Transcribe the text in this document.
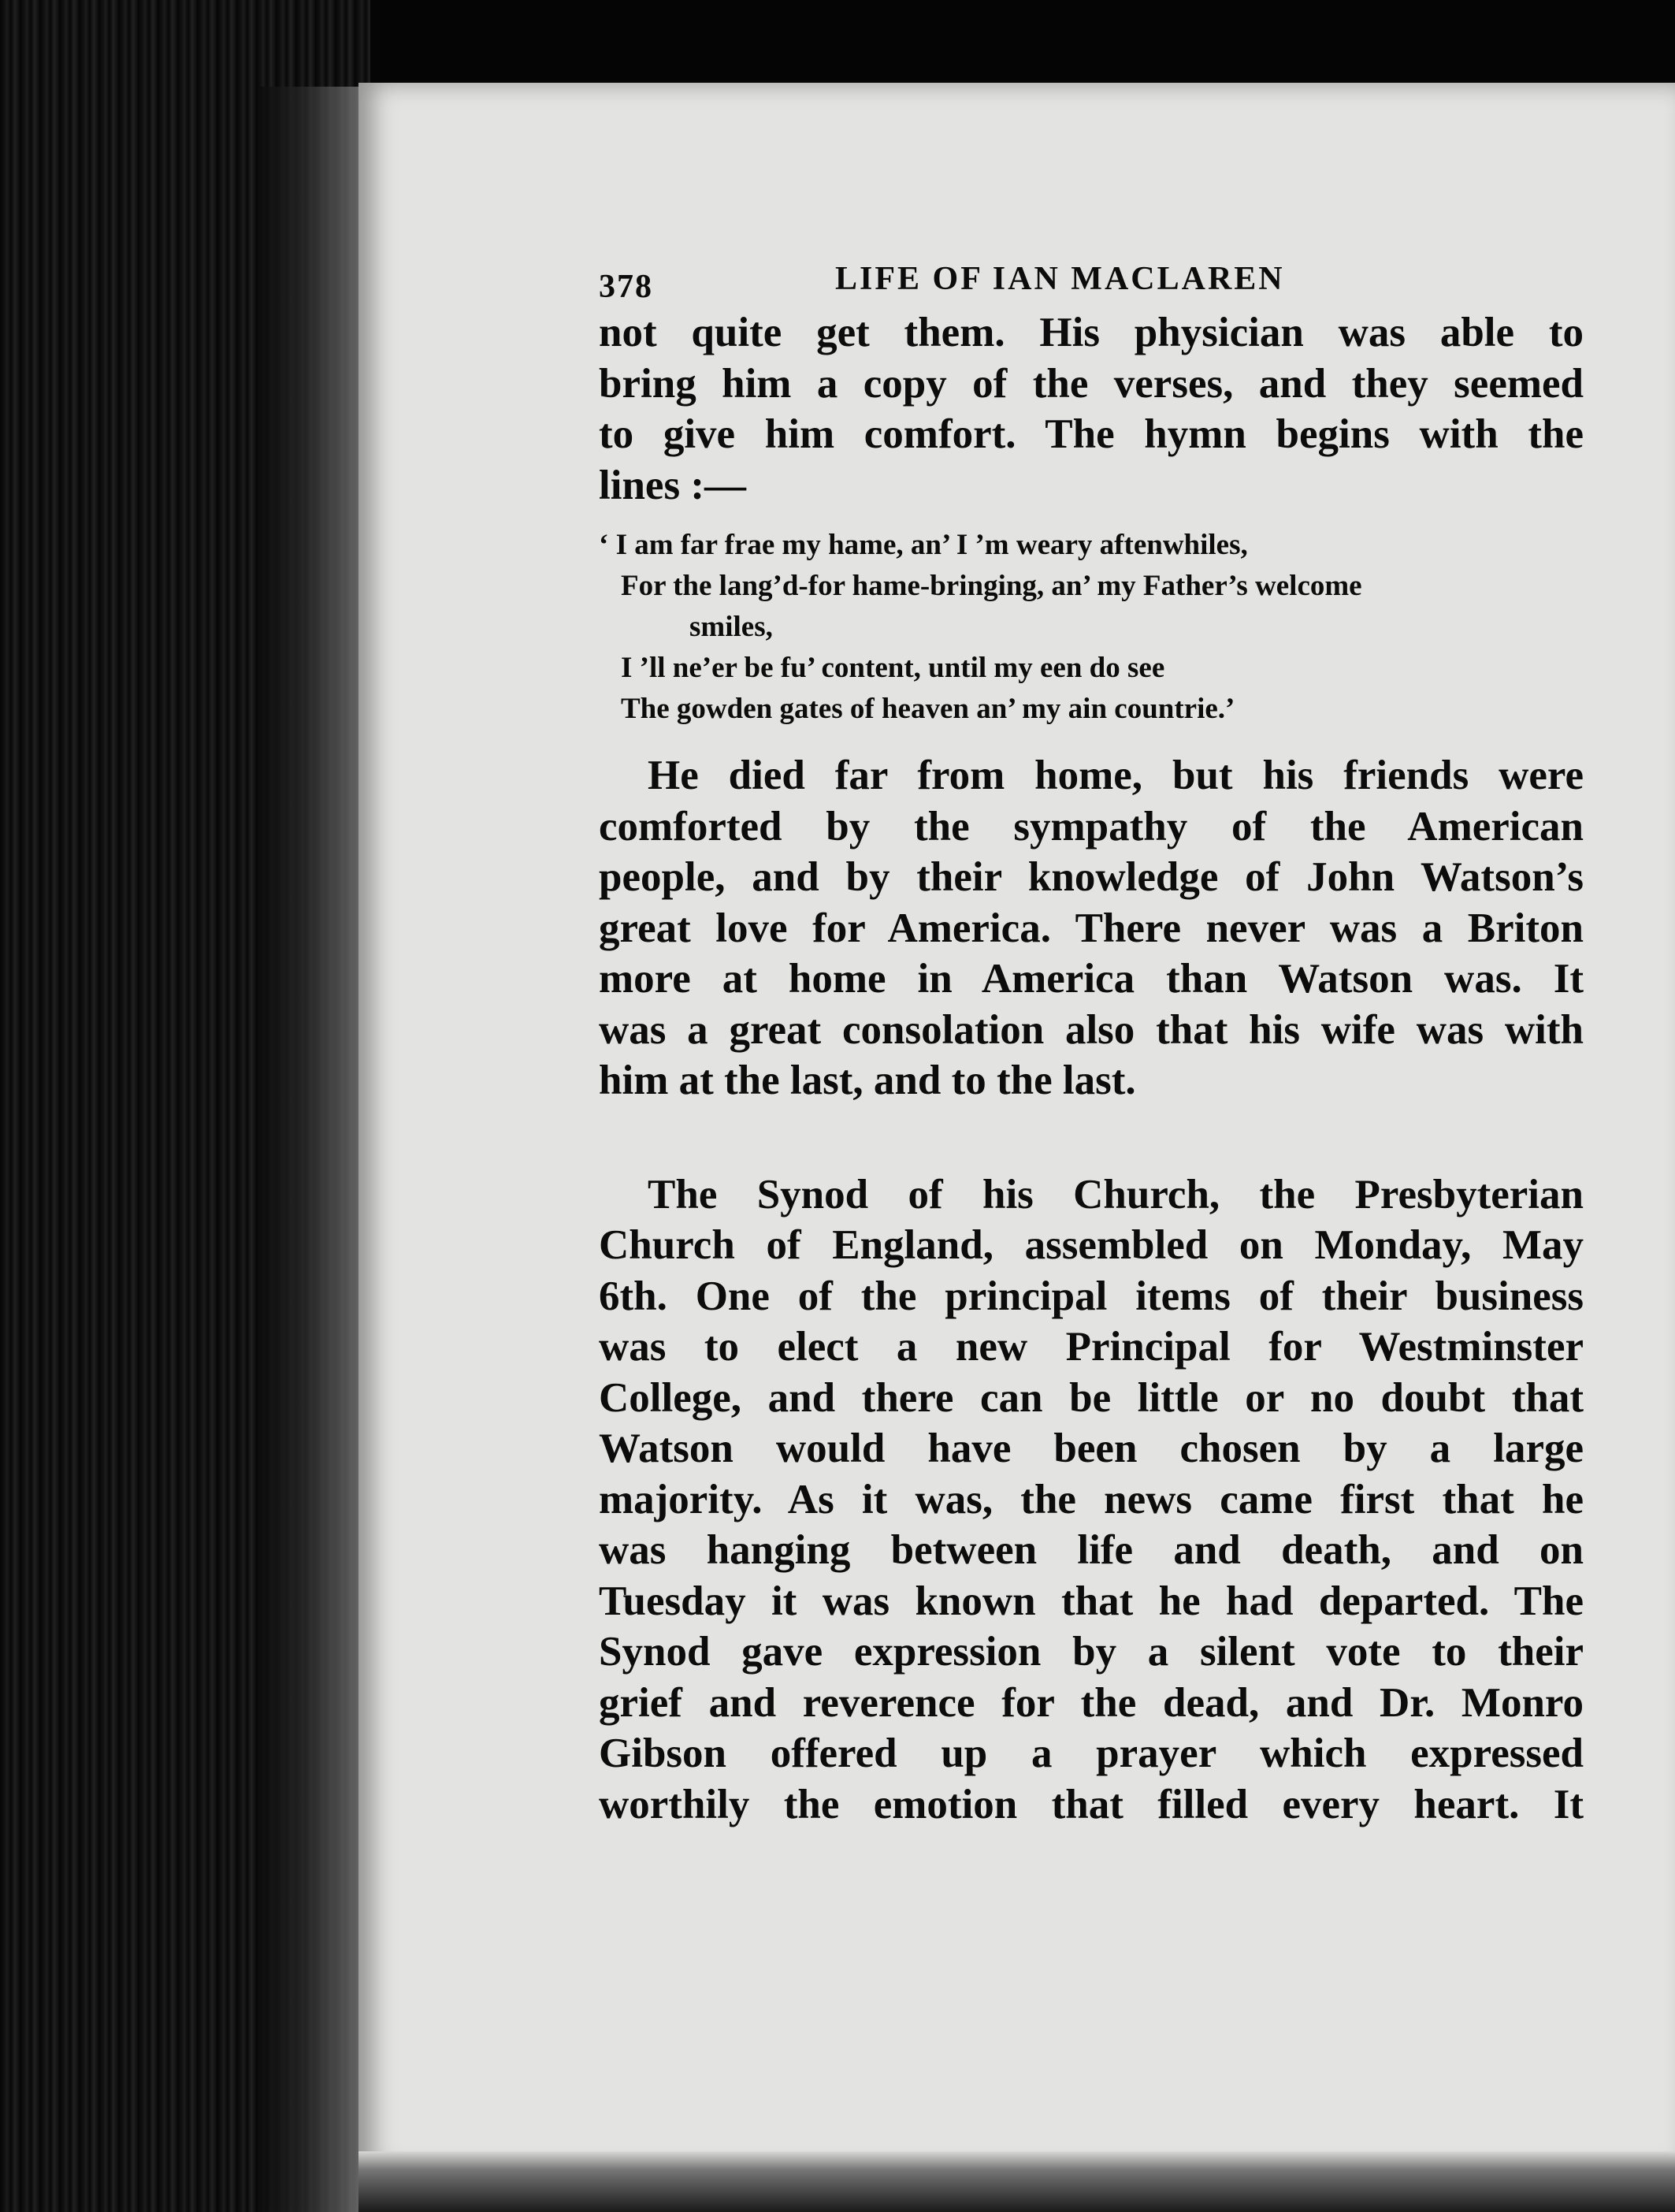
378	LIFE OF IAN MACLAREN

not quite get them. His physician was able to
bring him a copy of the verses, and they seemed
to give him comfort. The hymn begins with the
lines :—

‘ I am far frae my hame, an’ I ’m weary aftenwhiles,
For the lang’d-for hame-bringing, an’ my Father’s welcome
smiles,
I ’ll ne’er be fu’ content, until my een do see
The gowden gates of heaven an’ my ain countrie.’

He died far from home, but his friends were
comforted by the sympathy of the American
people, and by their knowledge of John Watson’s
great love for America. There never was a Briton
more at home in America than Watson was. It
was a great consolation also that his wife was with
him at the last, and to the last.

The Synod of his Church, the Presbyterian
Church of England, assembled on Monday, May
6th. One of the principal items of their business
was to elect a new Principal for Westminster
College, and there can be little or no doubt that
Watson would have been chosen by a large
majority. As it was, the news came first that he
was hanging between life and death, and on
Tuesday it was known that he had departed. The
Synod gave expression by a silent vote to their
grief and reverence for the dead, and Dr. Monro
Gibson offered up a prayer which expressed
worthily the emotion that filled every heart. It
